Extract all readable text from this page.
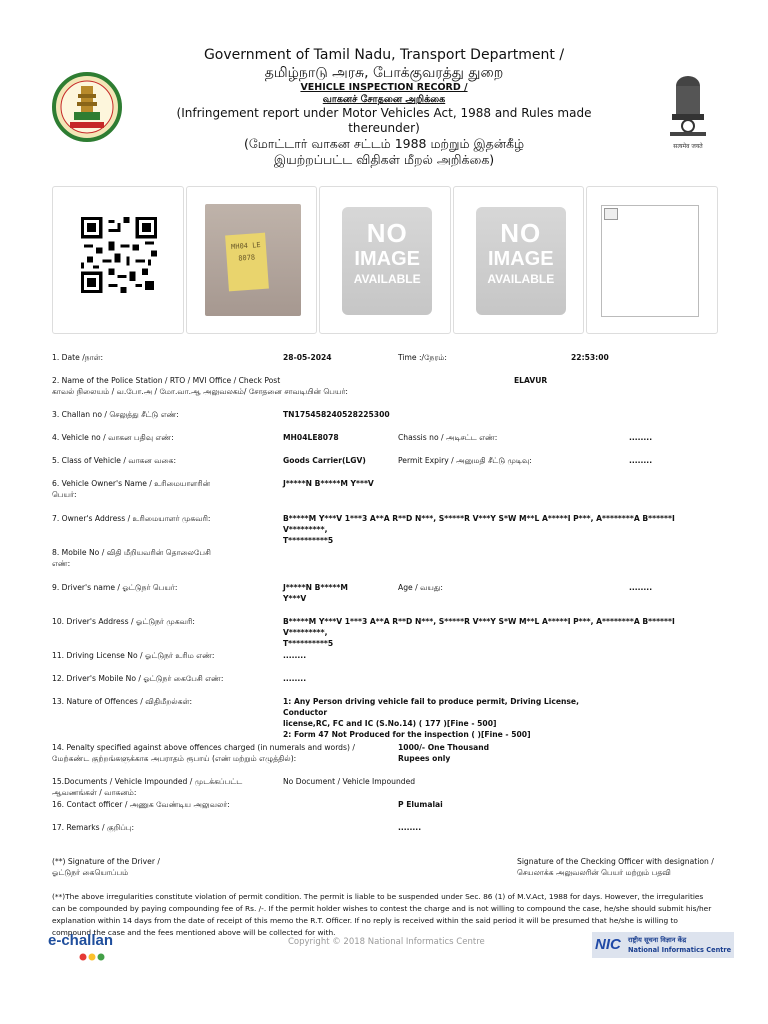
सत्यमेव जयते
Government of Tamil Nadu, Transport Department /
தமிழ்நாடு அரசு, போக்குவரத்து துறை
VEHICLE INSPECTION RECORD /
வாகனச் சோதனை அறிக்கை
(Infringement report under Motor Vehicles Act, 1988 and Rules made thereunder)
(மோட்டார் வாகன சட்டம் 1988 மற்றும் இதன்கீழ்
இயற்றப்பட்ட விதிகள் மீறல் அறிக்கை)
MH04 LE 8078
NO
IMAGE
AVAILABLE
NO
IMAGE
AVAILABLE
1. Date /நாள்:	28-05-2024	Time :/நேரம்:	22:53:00
2. Name of the Police Station / RTO / MVI Office / Check Post
காவல் நிலையம் / வ.போ.அ / மோ.வா.ஆ அலுவலகம்/ சோதனை சாவடியின் பெயர்:
ELAVUR
3. Challan no / செலுத்து சீட்டு எண்:	TN17545824052822530​0
4. Vehicle no / வாகன பதிவு எண்:	MH04LE8078	Chassis no / அடிசட்ட எண்:	........
5. Class of Vehicle / வாகன வகை:	Goods Carrier(LGV)	Permit Expiry / அனுமதி சீட்டு முடிவு:	........
6. Vehicle Owner's Name / உரிமையாளரின்
பெயர்:
J*****N B*****M Y***V
7. Owner's Address / உரிமையாளர் முகவரி:	B*****M Y***V 1***3 A**A R**D N***, S*****R V***Y S*W M**L A*****I P***, A********A B******I V*********,
T**********5
8. Mobile No / விதி மீறியவரின் தொலைபேசி
எண்:
9. Driver's name / ஓட்டுநர் பெயர்:	J*****N B*****M
Y***V
Age / வயது:	........
10. Driver's Address / ஓட்டுநர் முகவரி:	B*****M Y***V 1***3 A**A R**D N***, S*****R V***Y S*W M**L A*****I P***, A********A B******I V*********,
T**********5
11. Driving License No / ஓட்டுநர் உரிம எண்:	........
12. Driver's Mobile No / ஓட்டுநர் கைபேசி எண்:	........
13. Nature of Offences / விதிமீறல்கள்:	1: Any Person driving vehicle fail to produce permit, Driving License, Conductor
license,RC, FC and IC (S.No.14) ( 177 )[Fine - 500]
2: Form 47 Not Produced for the inspection ( )[Fine - 500]
14. Penalty specified against above offences charged (in numerals and words) /
மேற்கண்ட குற்றங்களுக்காக அபராதம் ரூபாய் (எண் மற்றும் எழுத்தில்):
1000/- One Thousand
Rupees only
15.Documents / Vehicle Impounded / முடக்கப்பட்ட
ஆவணங்கள் / வாகனம்:
No Document / Vehicle Impounded
16. Contact officer / அணுக வேண்டிய அலுவலர்:	P Elumalai
17. Remarks / குறிப்பு:	........
(**) Signature of the Driver /
ஓட்டுநர் கையொப்பம்
Signature of the Checking Officer with designation /
செயலாக்க அலுவலரின் பெயர் மற்றும் பதவி
(**)The above irregularities constitute violation of permit condition. The permit is liable to be suspended under Sec. 86 (1) of M.V.Act, 1988 for days. However, the irregularities can be compounded by paying compounding fee of Rs. /-. If the permit holder wishes to contest the charge and is not willing to compound the case, he/she should submit his/her explanation within 14 days from the date of receipt of this memo the R.T. Officer. If no reply is received within the said period it will be presumed that he/she is willing to compound the case and the fees mentioned above will be collected for with.
e-challan	Copyright © 2018 National Informatics Centre	NIC राष्ट्रीय सूचना विज्ञान केंद्र
National Informatics Centre
